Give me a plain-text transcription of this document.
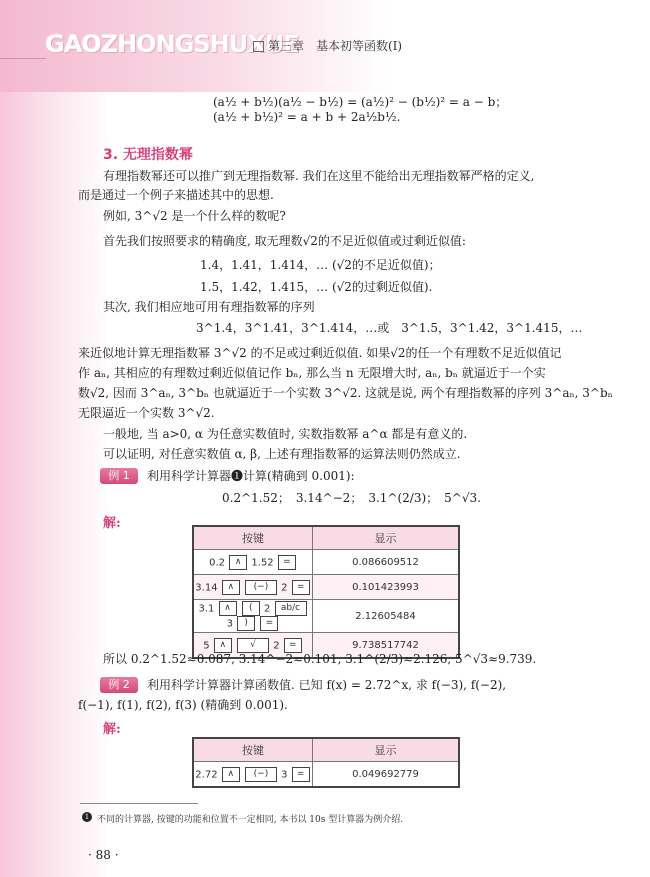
GAOZHONGSHUXUE
第三章　基本初等函数(Ⅰ)
(a½ + b½)(a½ − b½) = (a½)² − (b½)² = a − b；
(a½ + b½)² = a + b + 2a½b½.
3. 无理指数幂
有理指数幂还可以推广到无理指数幂. 我们在这里不能给出无理指数幂严格的定义,
而是通过一个例子来描述其中的思想.
例如, 3^√2 是一个什么样的数呢?
首先我们按照要求的精确度, 取无理数√2的不足近似值或过剩近似值:
1.4，1.41，1.414，… (√2的不足近似值)；
1.5，1.42，1.415，… (√2的过剩近似值).
其次, 我们相应地可用有理指数幂的序列
3^1.4，3^1.41，3^1.414，…或　3^1.5，3^1.42，3^1.415，…
来近似地计算无理指数幂 3^√2 的不足或过剩近似值. 如果√2的任一个有理数不足近似值记
作 aₙ, 其相应的有理数过剩近似值记作 bₙ, 那么当 n 无限增大时, aₙ, bₙ 就逼近于一个实
数√2, 因而 3^aₙ, 3^bₙ 也就逼近于一个实数 3^√2. 这就是说, 两个有理指数幂的序列 3^aₙ, 3^bₙ
无限逼近一个实数 3^√2.
一般地, 当 a>0, α 为任意实数值时, 实数指数幂 a^α 都是有意义的.
可以证明, 对任意实数值 α, β, 上述有理指数幂的运算法则仍然成立.
例 1	利用科学计算器❶计算(精确到 0.001):
0.2^1.52；　3.14^−2；　3.1^(2/3)；　5^√3.
解:
按键	显示
0.2 ∧ 1.52 =	0.086609512
3.14 ∧ (−) 2 =	0.101423993
3.1 ∧ ( 2 ab/c 3 ) =	2.12605484
5 ∧ √ 2 =	9.738517742
所以 0.2^1.52≈0.087, 3.14^−2≈0.101, 3.1^(2/3)≈2.126, 5^√3≈9.739.
例 2	利用科学计算器计算函数值. 已知 f(x) = 2.72^x, 求 f(−3), f(−2),
f(−1), f(1), f(2), f(3) (精确到 0.001).
解:
按键	显示
2.72 ∧ (−) 3 =	0.049692779
1 不同的计算器, 按键的功能和位置不一定相同, 本书以 10s 型计算器为例介绍.
· 88 ·
